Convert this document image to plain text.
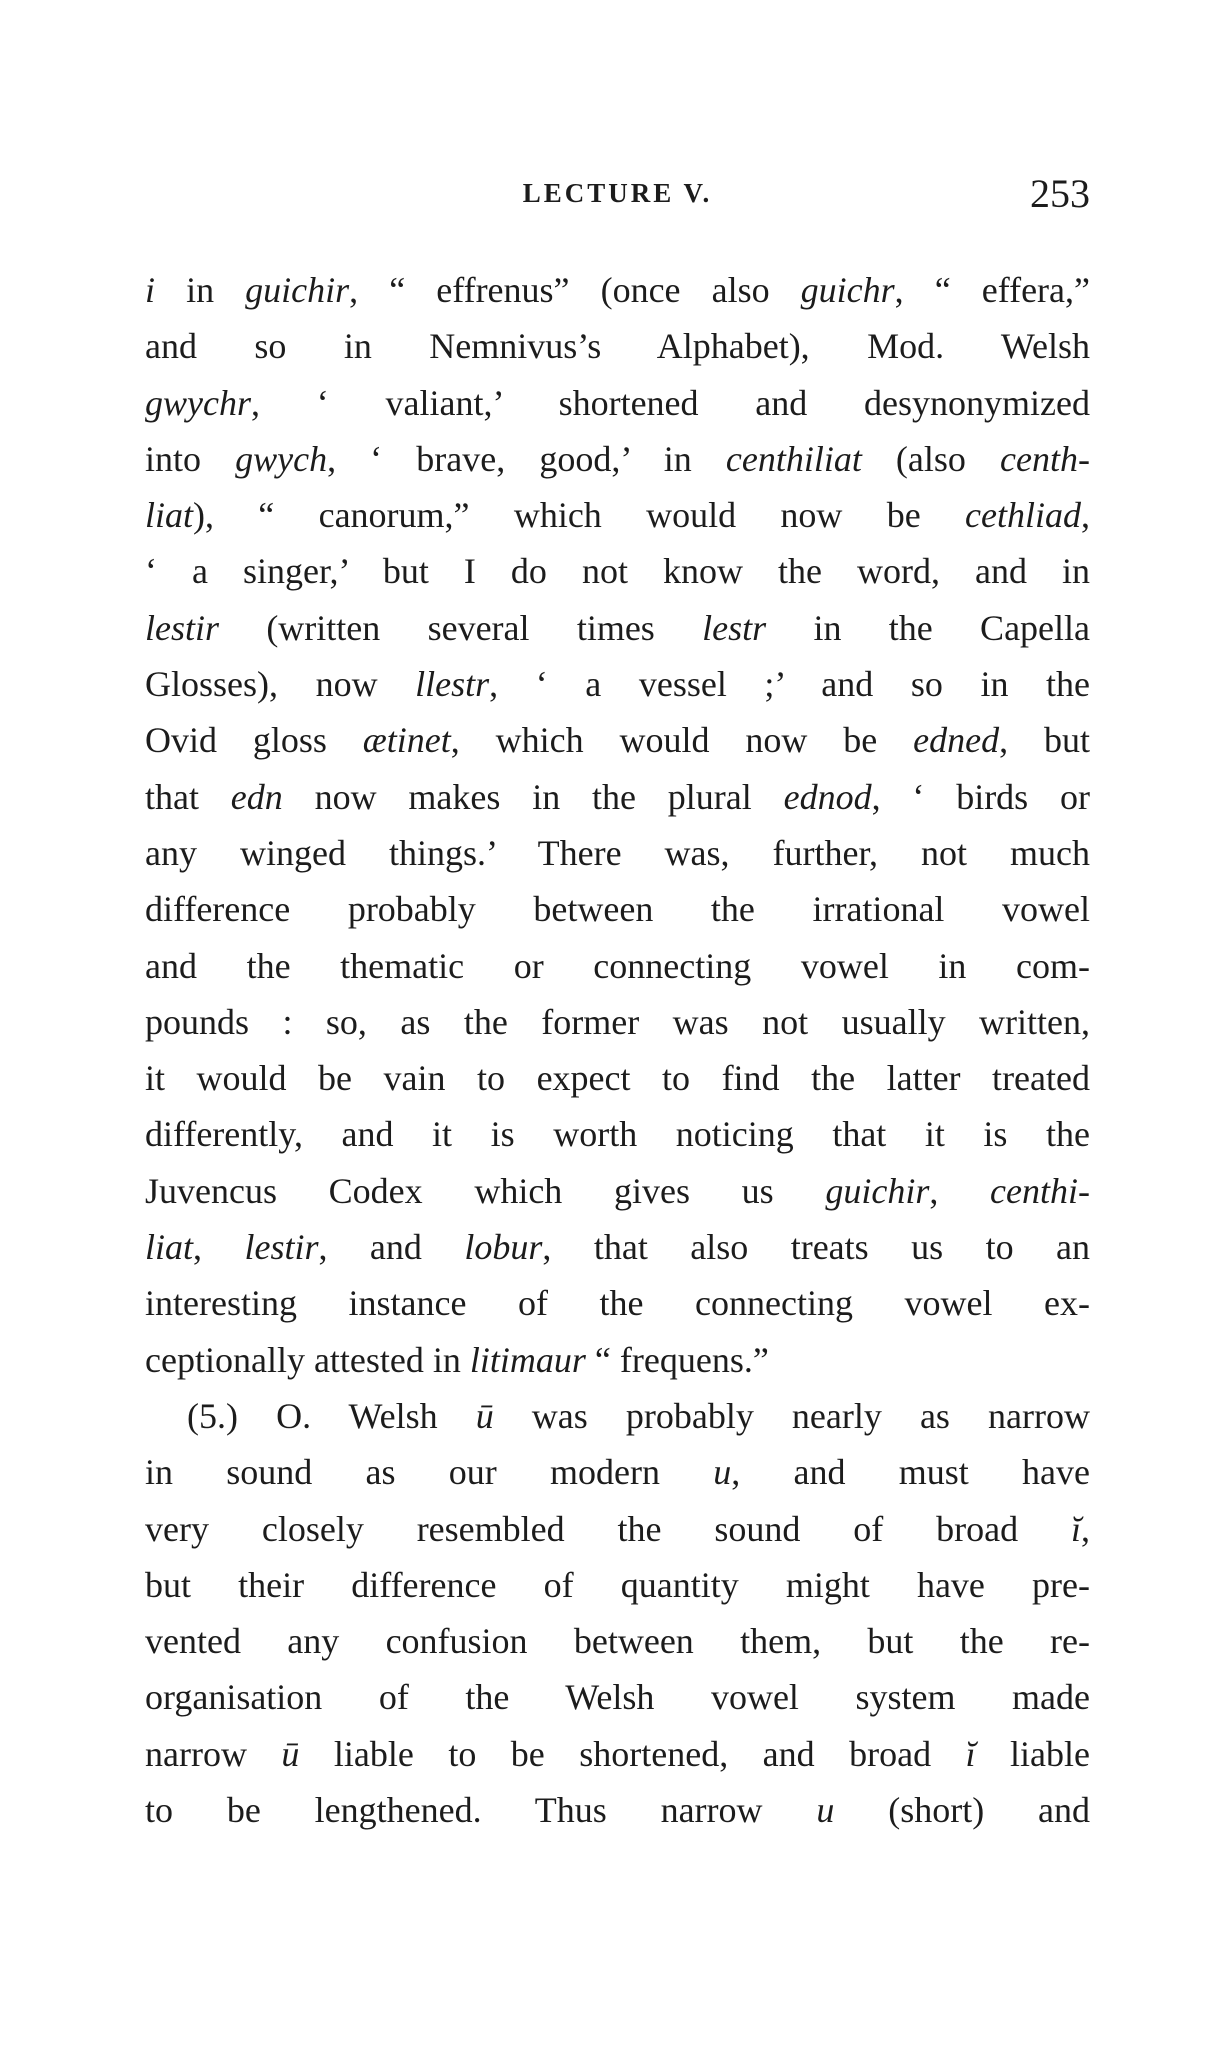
LECTURE V.	253
i in guichir, “ effrenus” (once also guichr, “ effera,”
and so in Nemnivus’s Alphabet), Mod. Welsh
gwychr, ‘ valiant,’ shortened and desynonymized
into gwych, ‘ brave, good,’ in centhiliat (also centh-
liat), “ canorum,” which would now be cethliad,
‘ a singer,’ but I do not know the word, and in
lestir (written several times lestr in the Capella
Glosses), now llestr, ‘ a vessel ;’ and so in the
Ovid gloss ætinet, which would now be edned, but
that edn now makes in the plural ednod, ‘ birds or
any winged things.’ There was, further, not much
difference probably between the irrational vowel
and the thematic or connecting vowel in com-
pounds : so, as the former was not usually written,
it would be vain to expect to find the latter treated
differently, and it is worth noticing that it is the
Juvencus Codex which gives us guichir, centhi-
liat, lestir, and lobur, that also treats us to an
interesting instance of the connecting vowel ex-
ceptionally attested in litimaur “ frequens.”
(5.) O. Welsh ū was probably nearly as narrow
in sound as our modern u, and must have
very closely resembled the sound of broad ĭ,
but their difference of quantity might have pre-
vented any confusion between them, but the re-
organisation of the Welsh vowel system made
narrow ū liable to be shortened, and broad ĭ liable
to be lengthened. Thus narrow u (short) and
